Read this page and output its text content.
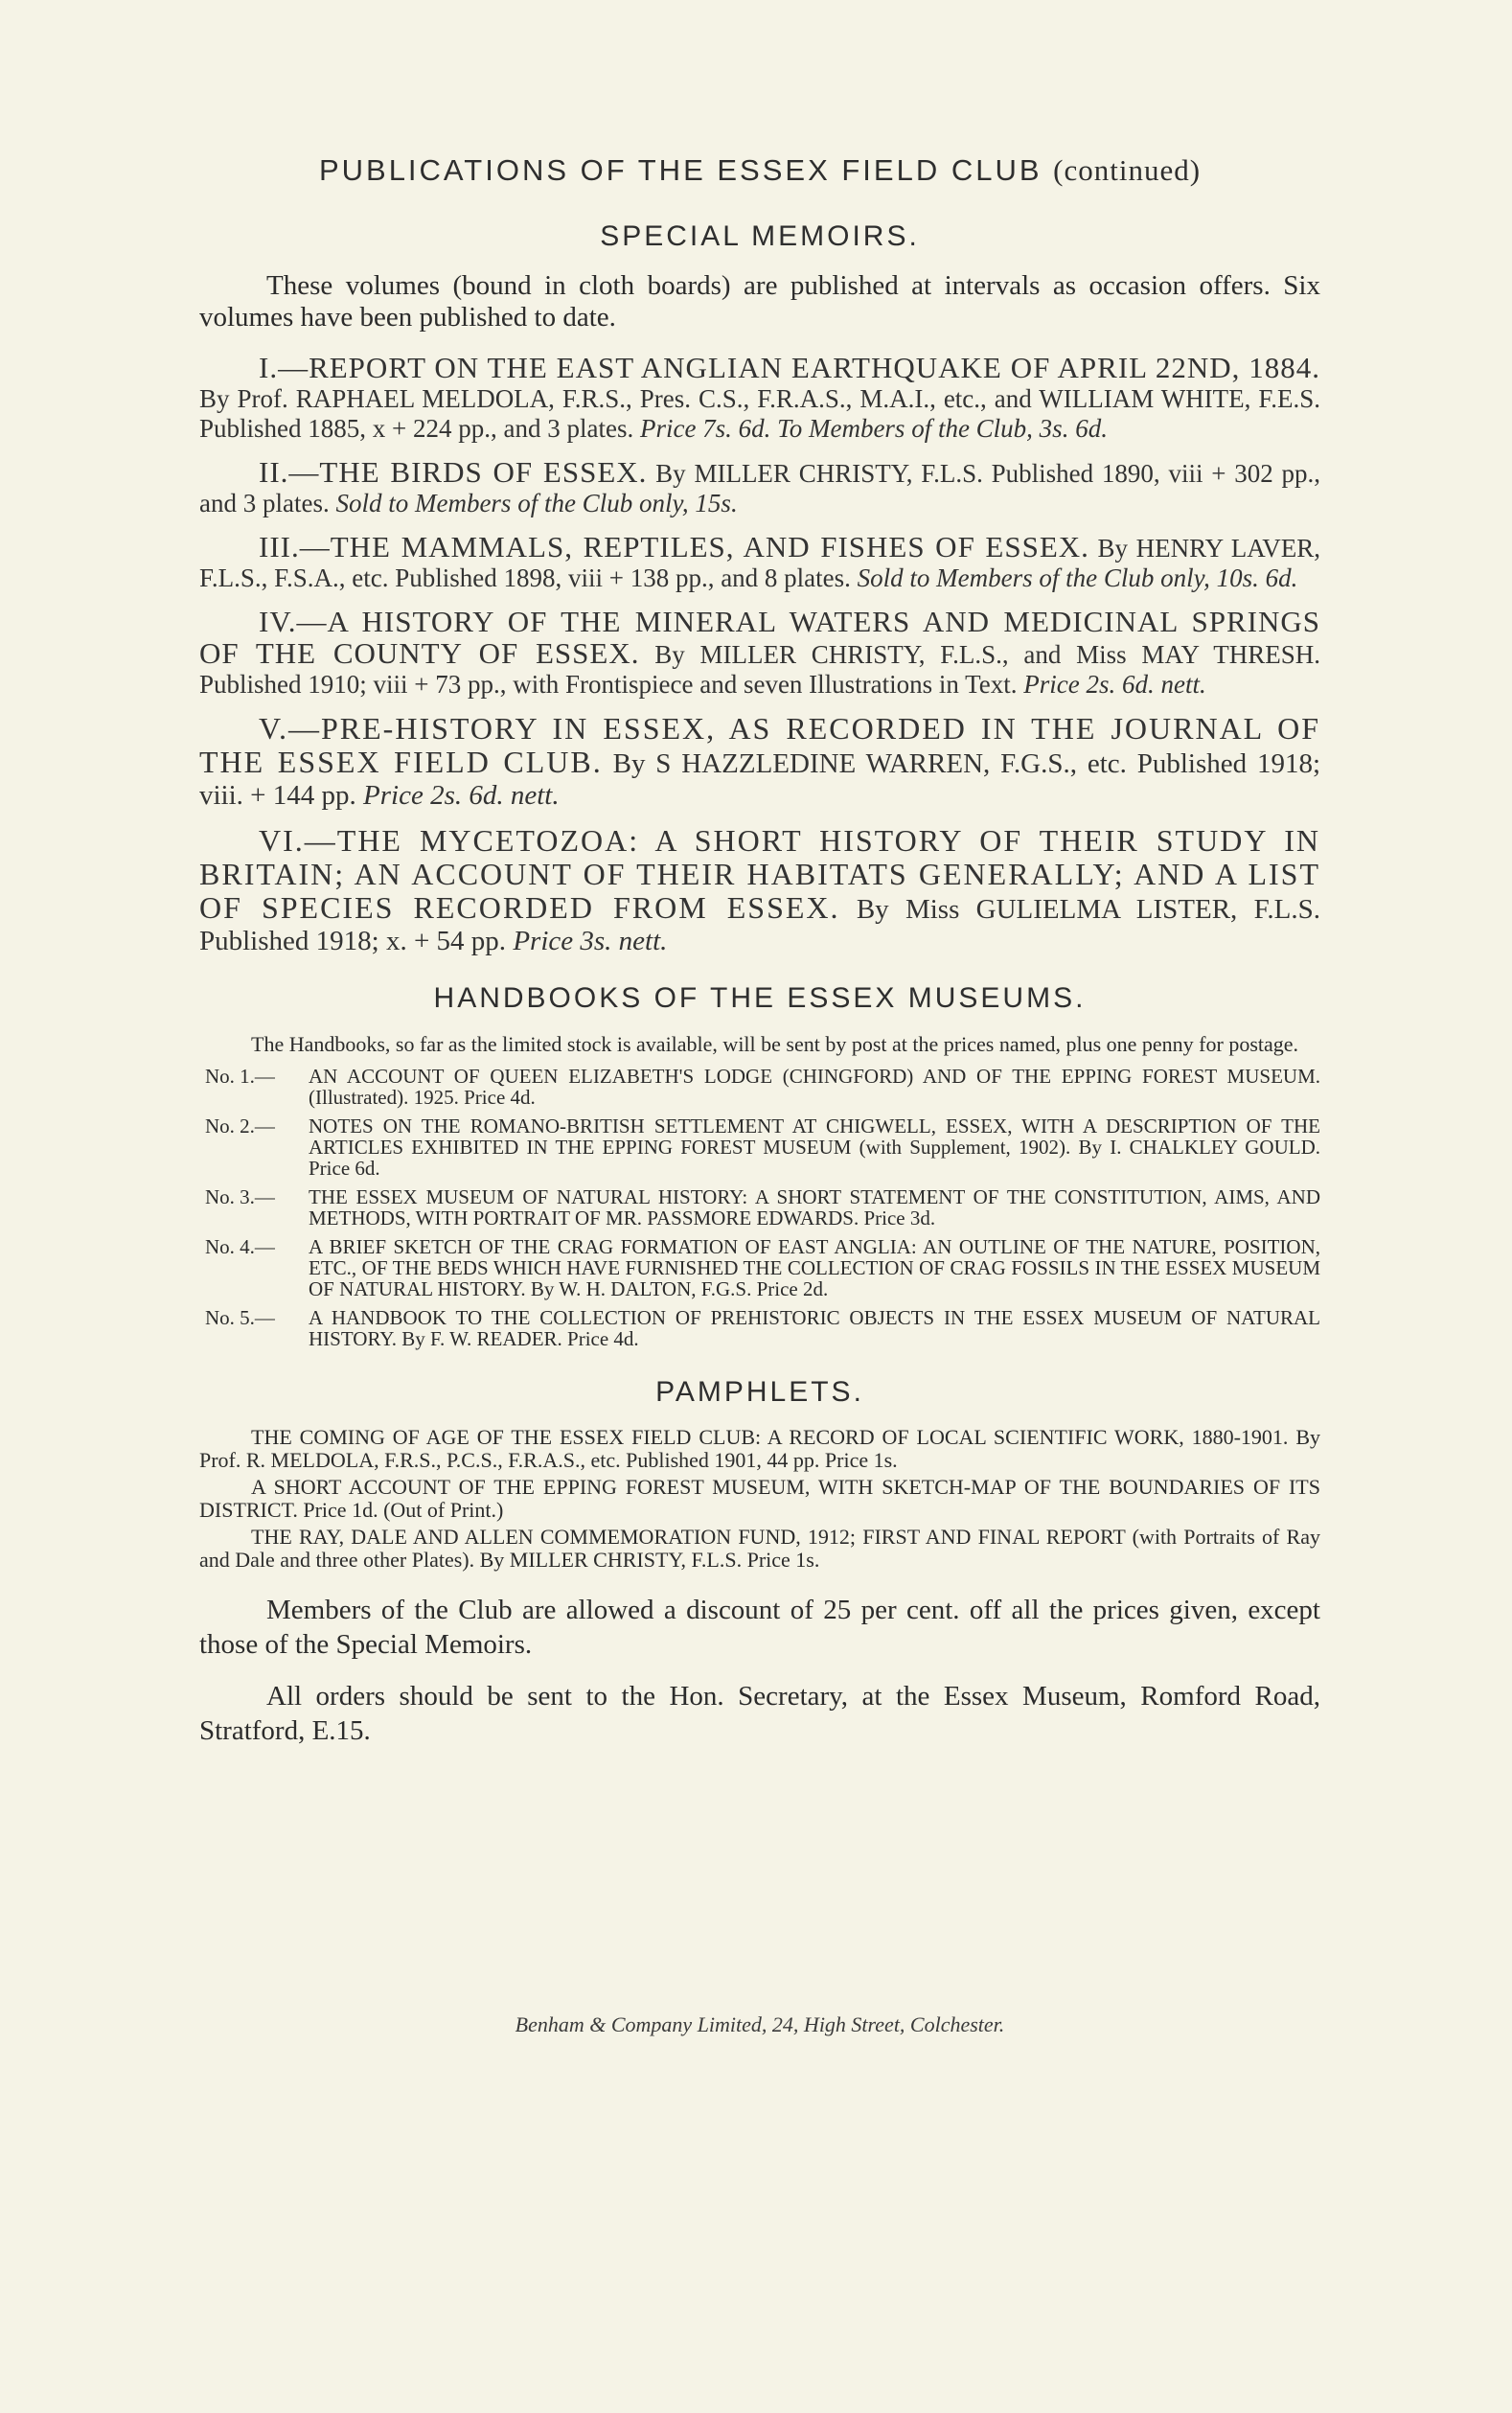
PUBLICATIONS OF THE ESSEX FIELD CLUB (continued)
SPECIAL MEMOIRS.

These volumes (bound in cloth boards) are published at intervals as occasion offers. Six volumes have been published to date.

I.—REPORT ON THE EAST ANGLIAN EARTHQUAKE OF APRIL 22ND, 1884. By Prof. RAPHAEL MELDOLA, F.R.S., Pres. C.S., F.R.A.S., M.A.I., etc., and WILLIAM WHITE, F.E.S. Published 1885, x + 224 pp., and 3 plates. Price 7s. 6d. To Members of the Club, 3s. 6d.

II.—THE BIRDS OF ESSEX. By MILLER CHRISTY, F.L.S. Published 1890, viii + 302 pp., and 3 plates. Sold to Members of the Club only, 15s.

III.—THE MAMMALS, REPTILES, AND FISHES OF ESSEX. By HENRY LAVER, F.L.S., F.S.A., etc. Published 1898, viii + 138 pp., and 8 plates. Sold to Members of the Club only, 10s. 6d.

IV.—A HISTORY OF THE MINERAL WATERS AND MEDICINAL SPRINGS OF THE COUNTY OF ESSEX. By MILLER CHRISTY, F.L.S., and Miss MAY THRESH. Published 1910; viii + 73 pp., with Frontispiece and seven Illustrations in Text. Price 2s. 6d. nett.

V.—PRE-HISTORY IN ESSEX, AS RECORDED IN THE JOURNAL OF THE ESSEX FIELD CLUB. By S HAZZLEDINE WARREN, F.G.S., etc. Published 1918; viii. + 144 pp. Price 2s. 6d. nett.

VI.—THE MYCETOZOA: A SHORT HISTORY OF THEIR STUDY IN BRITAIN; AN ACCOUNT OF THEIR HABITATS GENERALLY; AND A LIST OF SPECIES RECORDED FROM ESSEX. By Miss GULIELMA LISTER, F.L.S. Published 1918; x. + 54 pp. Price 3s. nett.

HANDBOOKS OF THE ESSEX MUSEUMS.

The Handbooks, so far as the limited stock is available, will be sent by post at the prices named, plus one penny for postage.

No. 1.—	AN ACCOUNT OF QUEEN ELIZABETH'S LODGE (CHINGFORD) AND OF THE EPPING FOREST MUSEUM. (Illustrated). 1925. Price 4d.
No. 2.—	NOTES ON THE ROMANO-BRITISH SETTLEMENT AT CHIGWELL, ESSEX, WITH A DESCRIPTION OF THE ARTICLES EXHIBITED IN THE EPPING FOREST MUSEUM (with Supplement, 1902). By I. CHALKLEY GOULD. Price 6d.
No. 3.—	THE ESSEX MUSEUM OF NATURAL HISTORY: A SHORT STATEMENT OF THE CONSTITUTION, AIMS, AND METHODS, WITH PORTRAIT OF MR. PASSMORE EDWARDS. Price 3d.
No. 4.—	A BRIEF SKETCH OF THE CRAG FORMATION OF EAST ANGLIA: AN OUTLINE OF THE NATURE, POSITION, ETC., OF THE BEDS WHICH HAVE FURNISHED THE COLLECTION OF CRAG FOSSILS IN THE ESSEX MUSEUM OF NATURAL HISTORY. By W. H. DALTON, F.G.S. Price 2d.
No. 5.—	A HANDBOOK TO THE COLLECTION OF PREHISTORIC OBJECTS IN THE ESSEX MUSEUM OF NATURAL HISTORY. By F. W. READER. Price 4d.
PAMPHLETS.

THE COMING OF AGE OF THE ESSEX FIELD CLUB: A RECORD OF LOCAL SCIENTIFIC WORK, 1880-1901. By Prof. R. MELDOLA, F.R.S., P.C.S., F.R.A.S., etc. Published 1901, 44 pp. Price 1s.

A SHORT ACCOUNT OF THE EPPING FOREST MUSEUM, WITH SKETCH-MAP OF THE BOUNDARIES OF ITS DISTRICT. Price 1d. (Out of Print.)

THE RAY, DALE AND ALLEN COMMEMORATION FUND, 1912; FIRST AND FINAL REPORT (with Portraits of Ray and Dale and three other Plates). By MILLER CHRISTY, F.L.S. Price 1s.

Members of the Club are allowed a discount of 25 per cent. off all the prices given, except those of the Special Memoirs.

All orders should be sent to the Hon. Secretary, at the Essex Museum, Romford Road, Stratford, E.15.

Benham & Company Limited, 24, High Street, Colchester.
